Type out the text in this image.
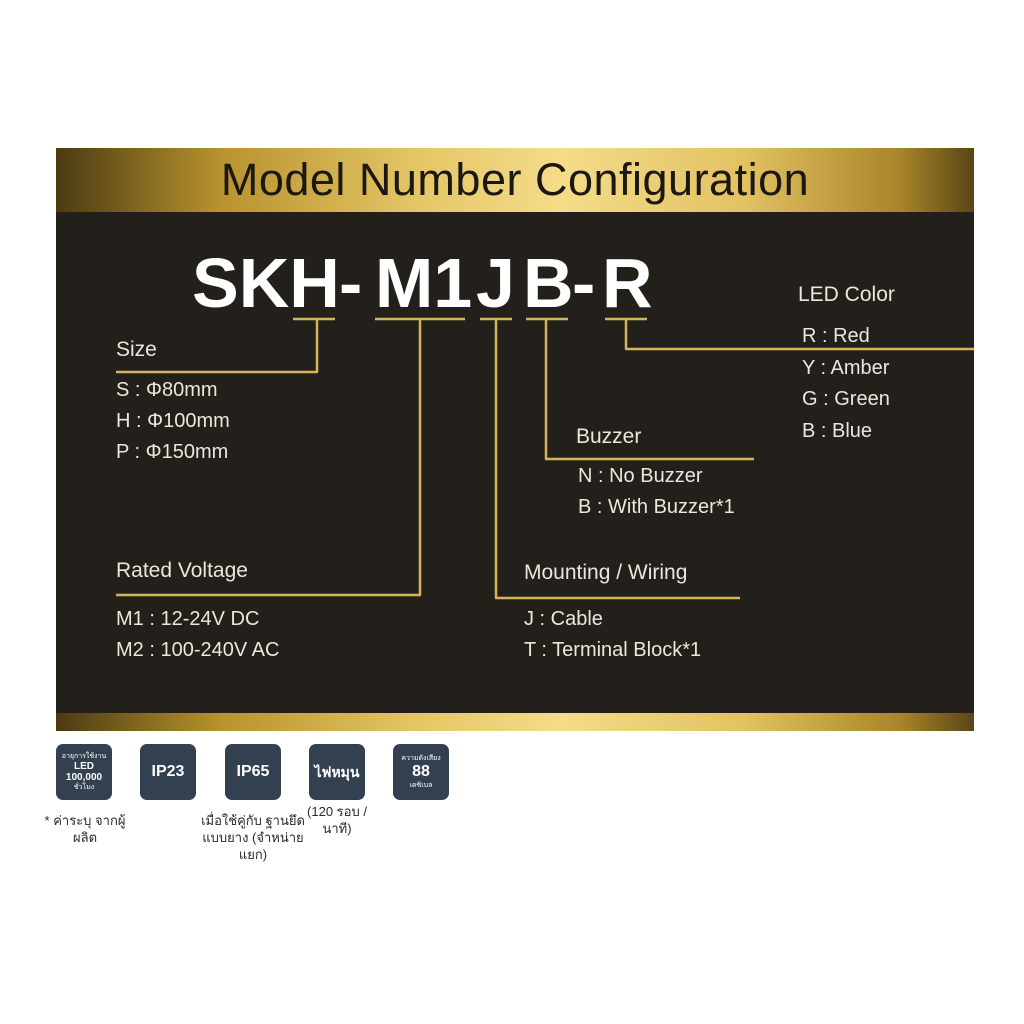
Model Number Configuration
SKH - M1 J B
- R
Size
S : Φ80mm
H : Φ100mm
P : Φ150mm
Rated Voltage
M1 : 12-24V DC
M2 : 100-240V AC
Buzzer
N : No Buzzer
B : With Buzzer*1
Mounting / Wiring
J : Cable
T : Terminal Block*1
LED Color
R : Red
Y : Amber
G : Green
B : Blue
อายุการใช้งาน
LED
100,000
ชั่วโมง
IP23	IP65	ไฟหมุน
ความดังเสียง
88
เดซิเบล
* ค่าระบุ จากผู้ผลิต
เมื่อใช้คู่กับ ฐานยึดแบบยาง (จำหน่ายแยก)
(120 รอบ /นาที)
